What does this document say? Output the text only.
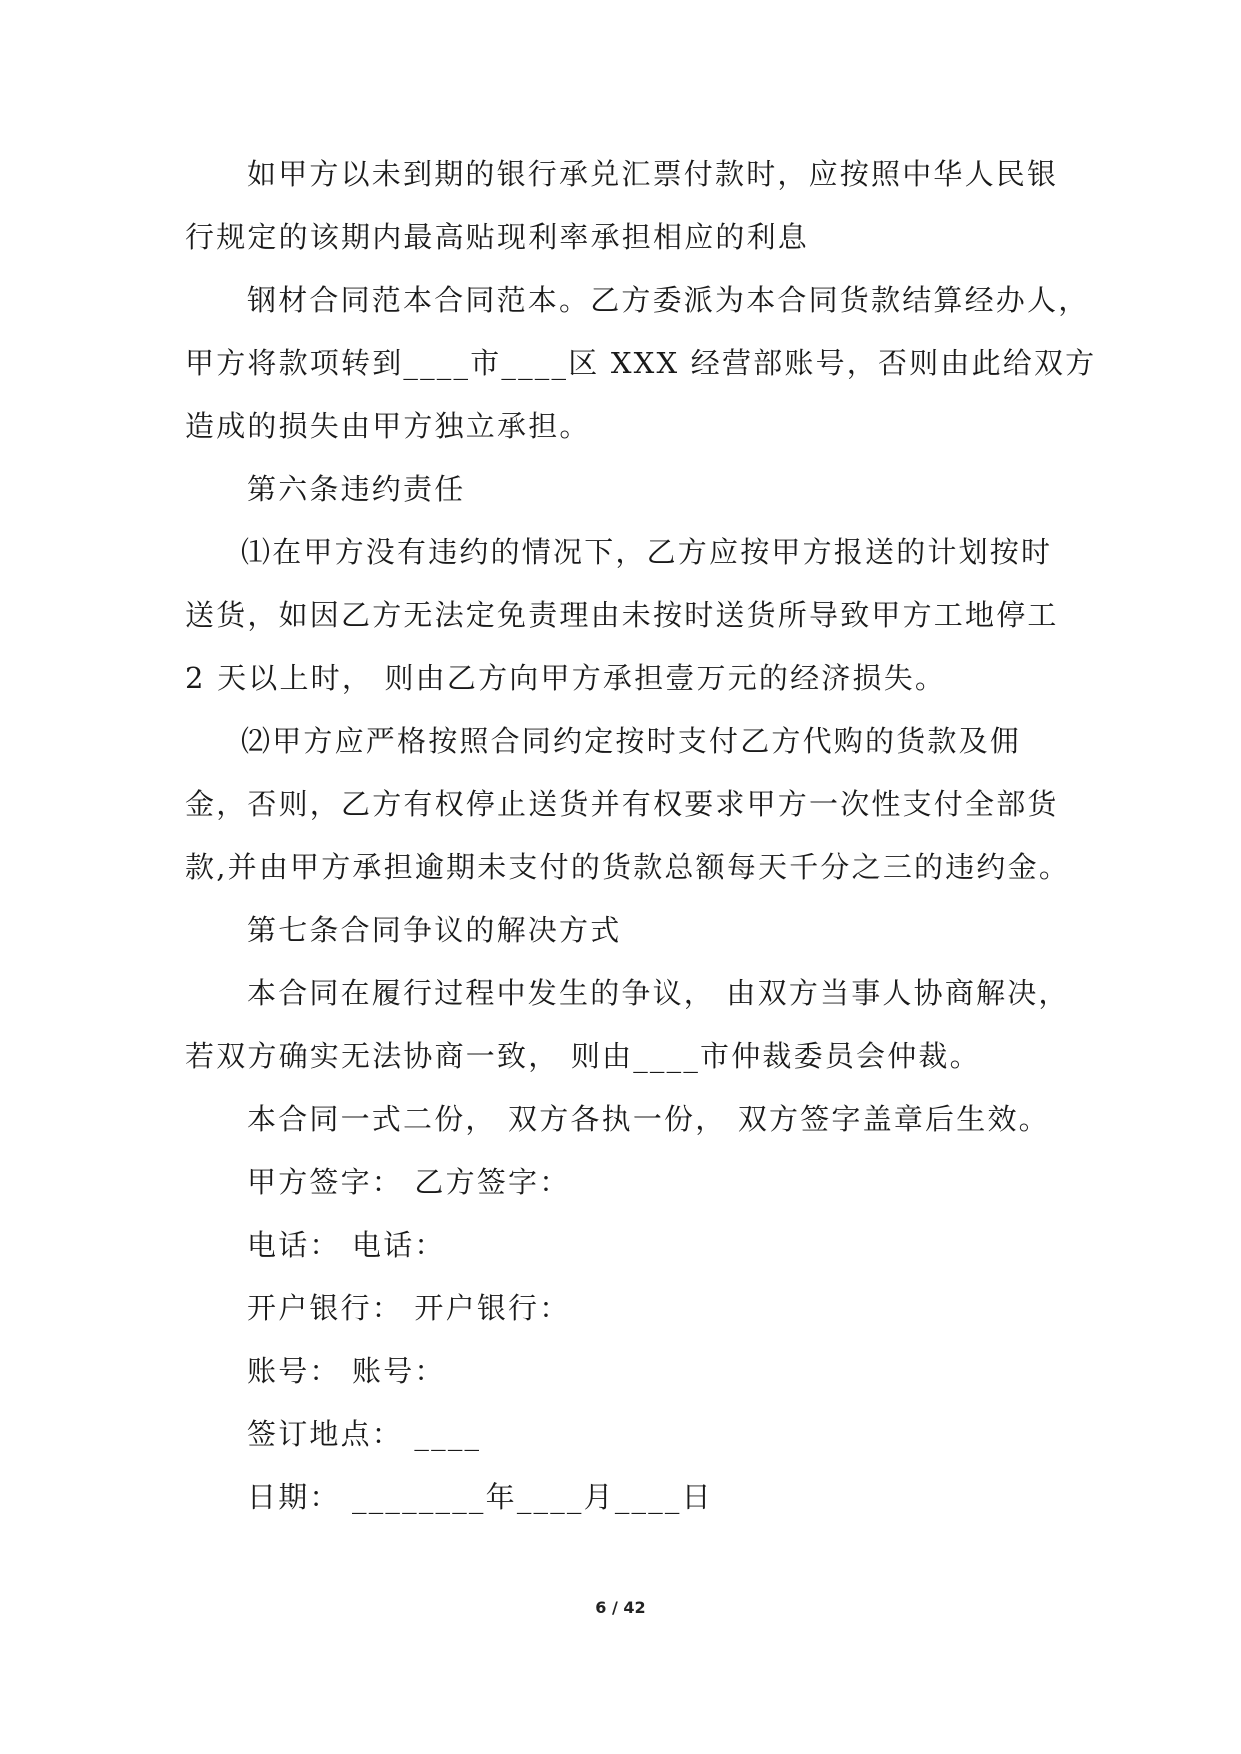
如甲方以未到期的银行承兑汇票付款时，应按照中华人民银
行规定的该期内最高贴现利率承担相应的利息
钢材合同范本合同范本。乙方委派为本合同货款结算经办人，
甲方将款项转到____市____区 XXX 经营部账号，否则由此给双方
造成的损失由甲方独立承担。
第六条违约责任
⑴在甲方没有违约的情况下，乙方应按甲方报送的计划按时
送货，如因乙方无法定免责理由未按时送货所导致甲方工地停工
2 天以上时， 则由乙方向甲方承担壹万元的经济损失。
⑵甲方应严格按照合同约定按时支付乙方代购的货款及佣
金，否则，乙方有权停止送货并有权要求甲方一次性支付全部货
款,并由甲方承担逾期未支付的货款总额每天千分之三的违约金。
第七条合同争议的解决方式
本合同在履行过程中发生的争议， 由双方当事人协商解决，
若双方确实无法协商一致， 则由____市仲裁委员会仲裁。
本合同一式二份， 双方各执一份， 双方签字盖章后生效。
甲方签字： 乙方签字：
电话： 电话：
开户银行： 开户银行：
账号： 账号：
签订地点： ____
日期： ________年____月____日
6 / 42
